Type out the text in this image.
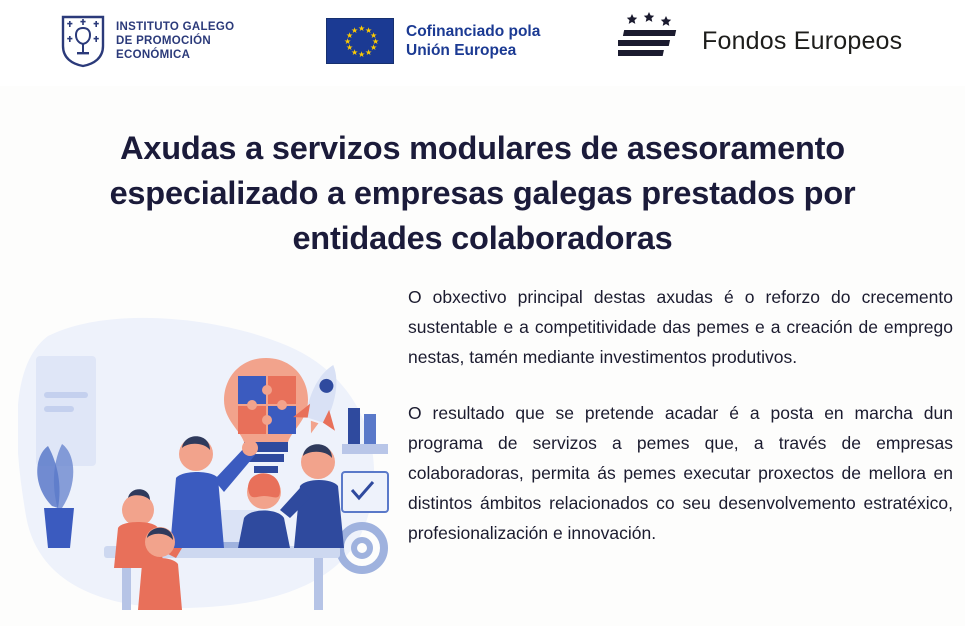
INSTITUTO GALEGO
DE PROMOCIÓN
ECONÓMICA
★
★ ★
★ ★
★	★
★ ★
★ ★
★
Cofinanciado pola
Unión Europea	Fondos Europeos
Axudas a servizos modulares de asesoramento especializado a empresas galegas prestados por entidades colaboradoras

O obxectivo principal destas axudas é o reforzo do crecemento sustentable e a competitividade das pemes e a creación de emprego nestas, tamén mediante investimentos produtivos.

O resultado que se pretende acadar é a posta en marcha dun programa de servizos a pemes que, a través de empresas colaboradoras, permita ás pemes executar proxectos de mellora en distintos ámbitos relacionados co seu desenvolvemento estratéxico, profesionalización e innovación.
